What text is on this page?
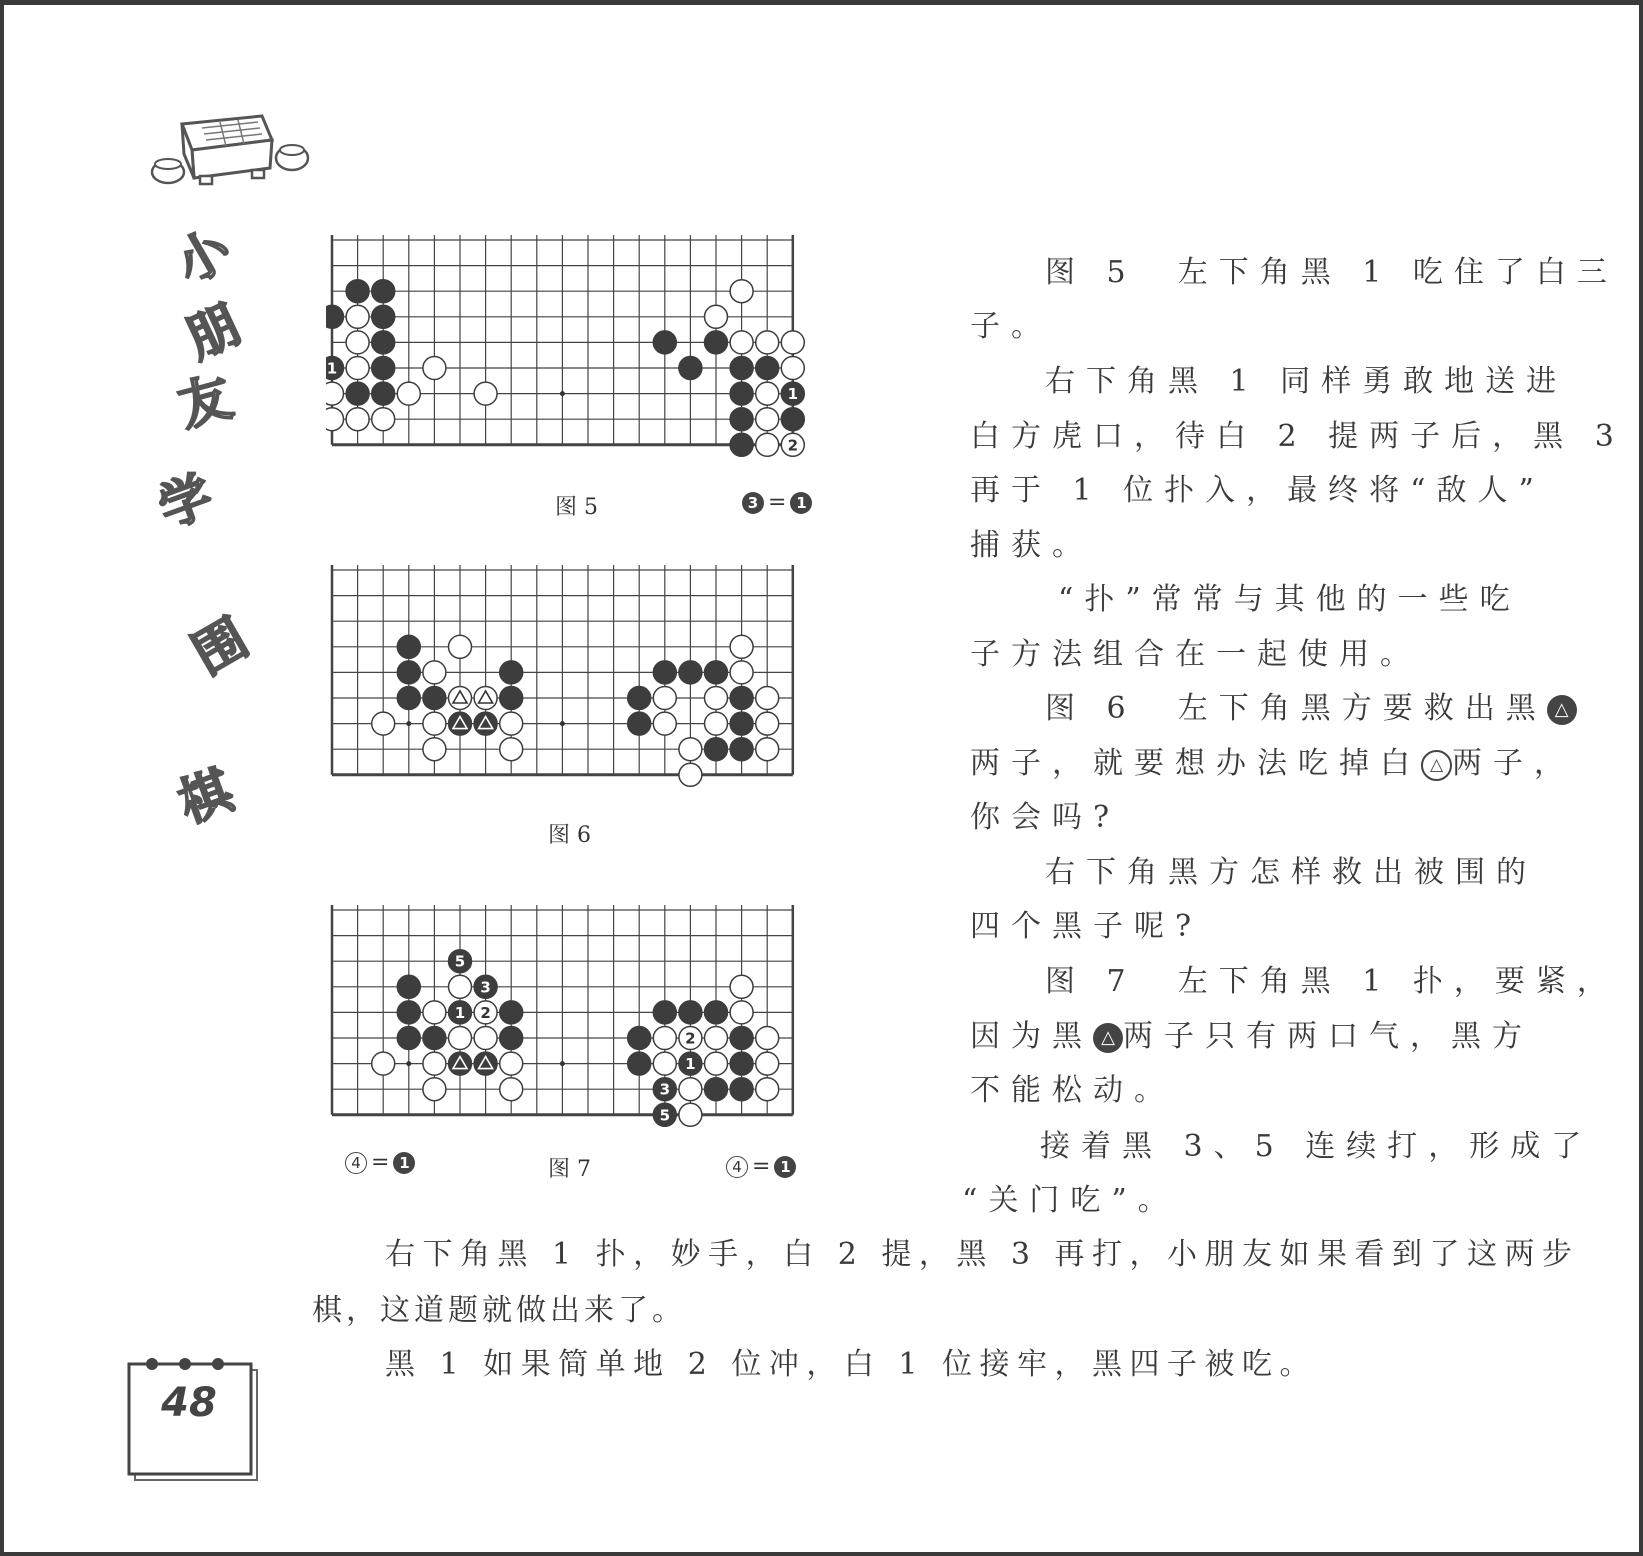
小
朋
友
学
围
棋
1
1
2
图 5	3 = 1
图 6
5
3
1 2
2
1
3
5
4 = 1	图 7	4 = 1
图 5  左下角黑 1 吃住了白三
子。
右下角黑 1 同样勇敢地送进
白方虎口，待白 2 提两子后，黑 3
再于 1 位扑入，最终将“敌人”
捕获。
“扑”常常与其他的一些吃
子方法组合在一起使用。
图 6  左下角黑方要救出黑 △
两子，就要想办法吃掉白 △ 两子，
你会吗?
右下角黑方怎样救出被围的
四个黑子呢?
图 7  左下角黑 1 扑，要紧，
因为黑 △ 两子只有两口气，黑方
不能松动。
接着黑 3、5 连续打，形成了
“关门吃”。
右下角黑 1 扑，妙手，白 2 提，黑 3 再打，小朋友如果看到了这两步
棋，这道题就做出来了。
黑 1 如果简单地 2 位冲，白 1 位接牢，黑四子被吃。
48
